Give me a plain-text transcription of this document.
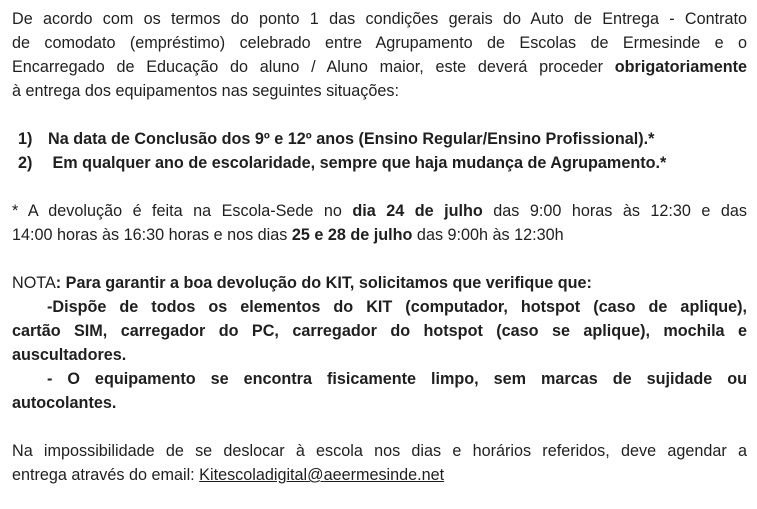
De acordo com os termos do ponto 1 das condições gerais do Auto de Entrega - Contrato

de comodato (empréstimo) celebrado entre Agrupamento de Escolas de Ermesinde e o

Encarregado de Educação do aluno / Aluno maior, este deverá proceder obrigatoriamente

à entrega dos equipamentos nas seguintes situações:

1) Na data de Conclusão dos 9º e 12º anos (Ensino Regular/Ensino Profissional).*

2) Em qualquer ano de escolaridade, sempre que haja mudança de Agrupamento.*

* A devolução é feita na Escola-Sede no dia 24 de julho das 9:00 horas às 12:30 e das

14:00 horas às 16:30 horas e nos dias 25 e 28 de julho das 9:00h às 12:30h

NOTA: Para garantir a boa devolução do KIT, solicitamos que verifique que:

-Dispõe de todos os elementos do KIT (computador, hotspot (caso de aplique),

cartão SIM, carregador do PC, carregador do hotspot (caso se aplique), mochila e

auscultadores.

- O equipamento se encontra fisicamente limpo, sem marcas de sujidade ou

autocolantes.

Na impossibilidade de se deslocar à escola nos dias e horários referidos, deve agendar a

entrega através do email: Kitescoladigital@aeermesinde.net
